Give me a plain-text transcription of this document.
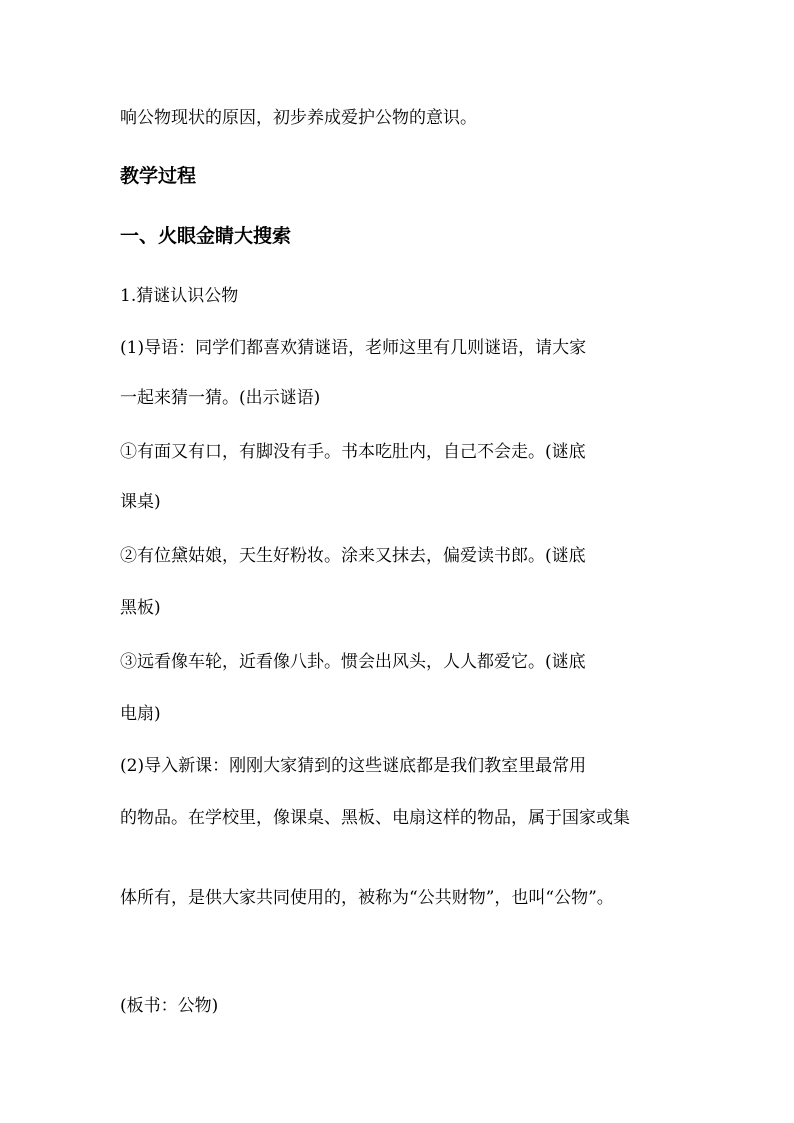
响公物现状的原因，初步养成爱护公物的意识。
教学过程
一、火眼金睛大搜索
1.猜谜认识公物
(1)导语：同学们都喜欢猜谜语，老师这里有几则谜语，请大家
一起来猜一猜。(出示谜语)
①有面又有口，有脚没有手。书本吃肚内，自己不会走。(谜底
课桌)
②有位黛姑娘，天生好粉妆。涂来又抹去，偏爱读书郎。(谜底
黑板)
③远看像车轮，近看像八卦。惯会出风头，人人都爱它。(谜底
电扇)
(2)导入新课：刚刚大家猜到的这些谜底都是我们教室里最常用
的物品。在学校里，像课桌、黑板、电扇这样的物品，属于国家或集
体所有，是供大家共同使用的，被称为“公共财物”，也叫“公物”。
(板书：公物)
